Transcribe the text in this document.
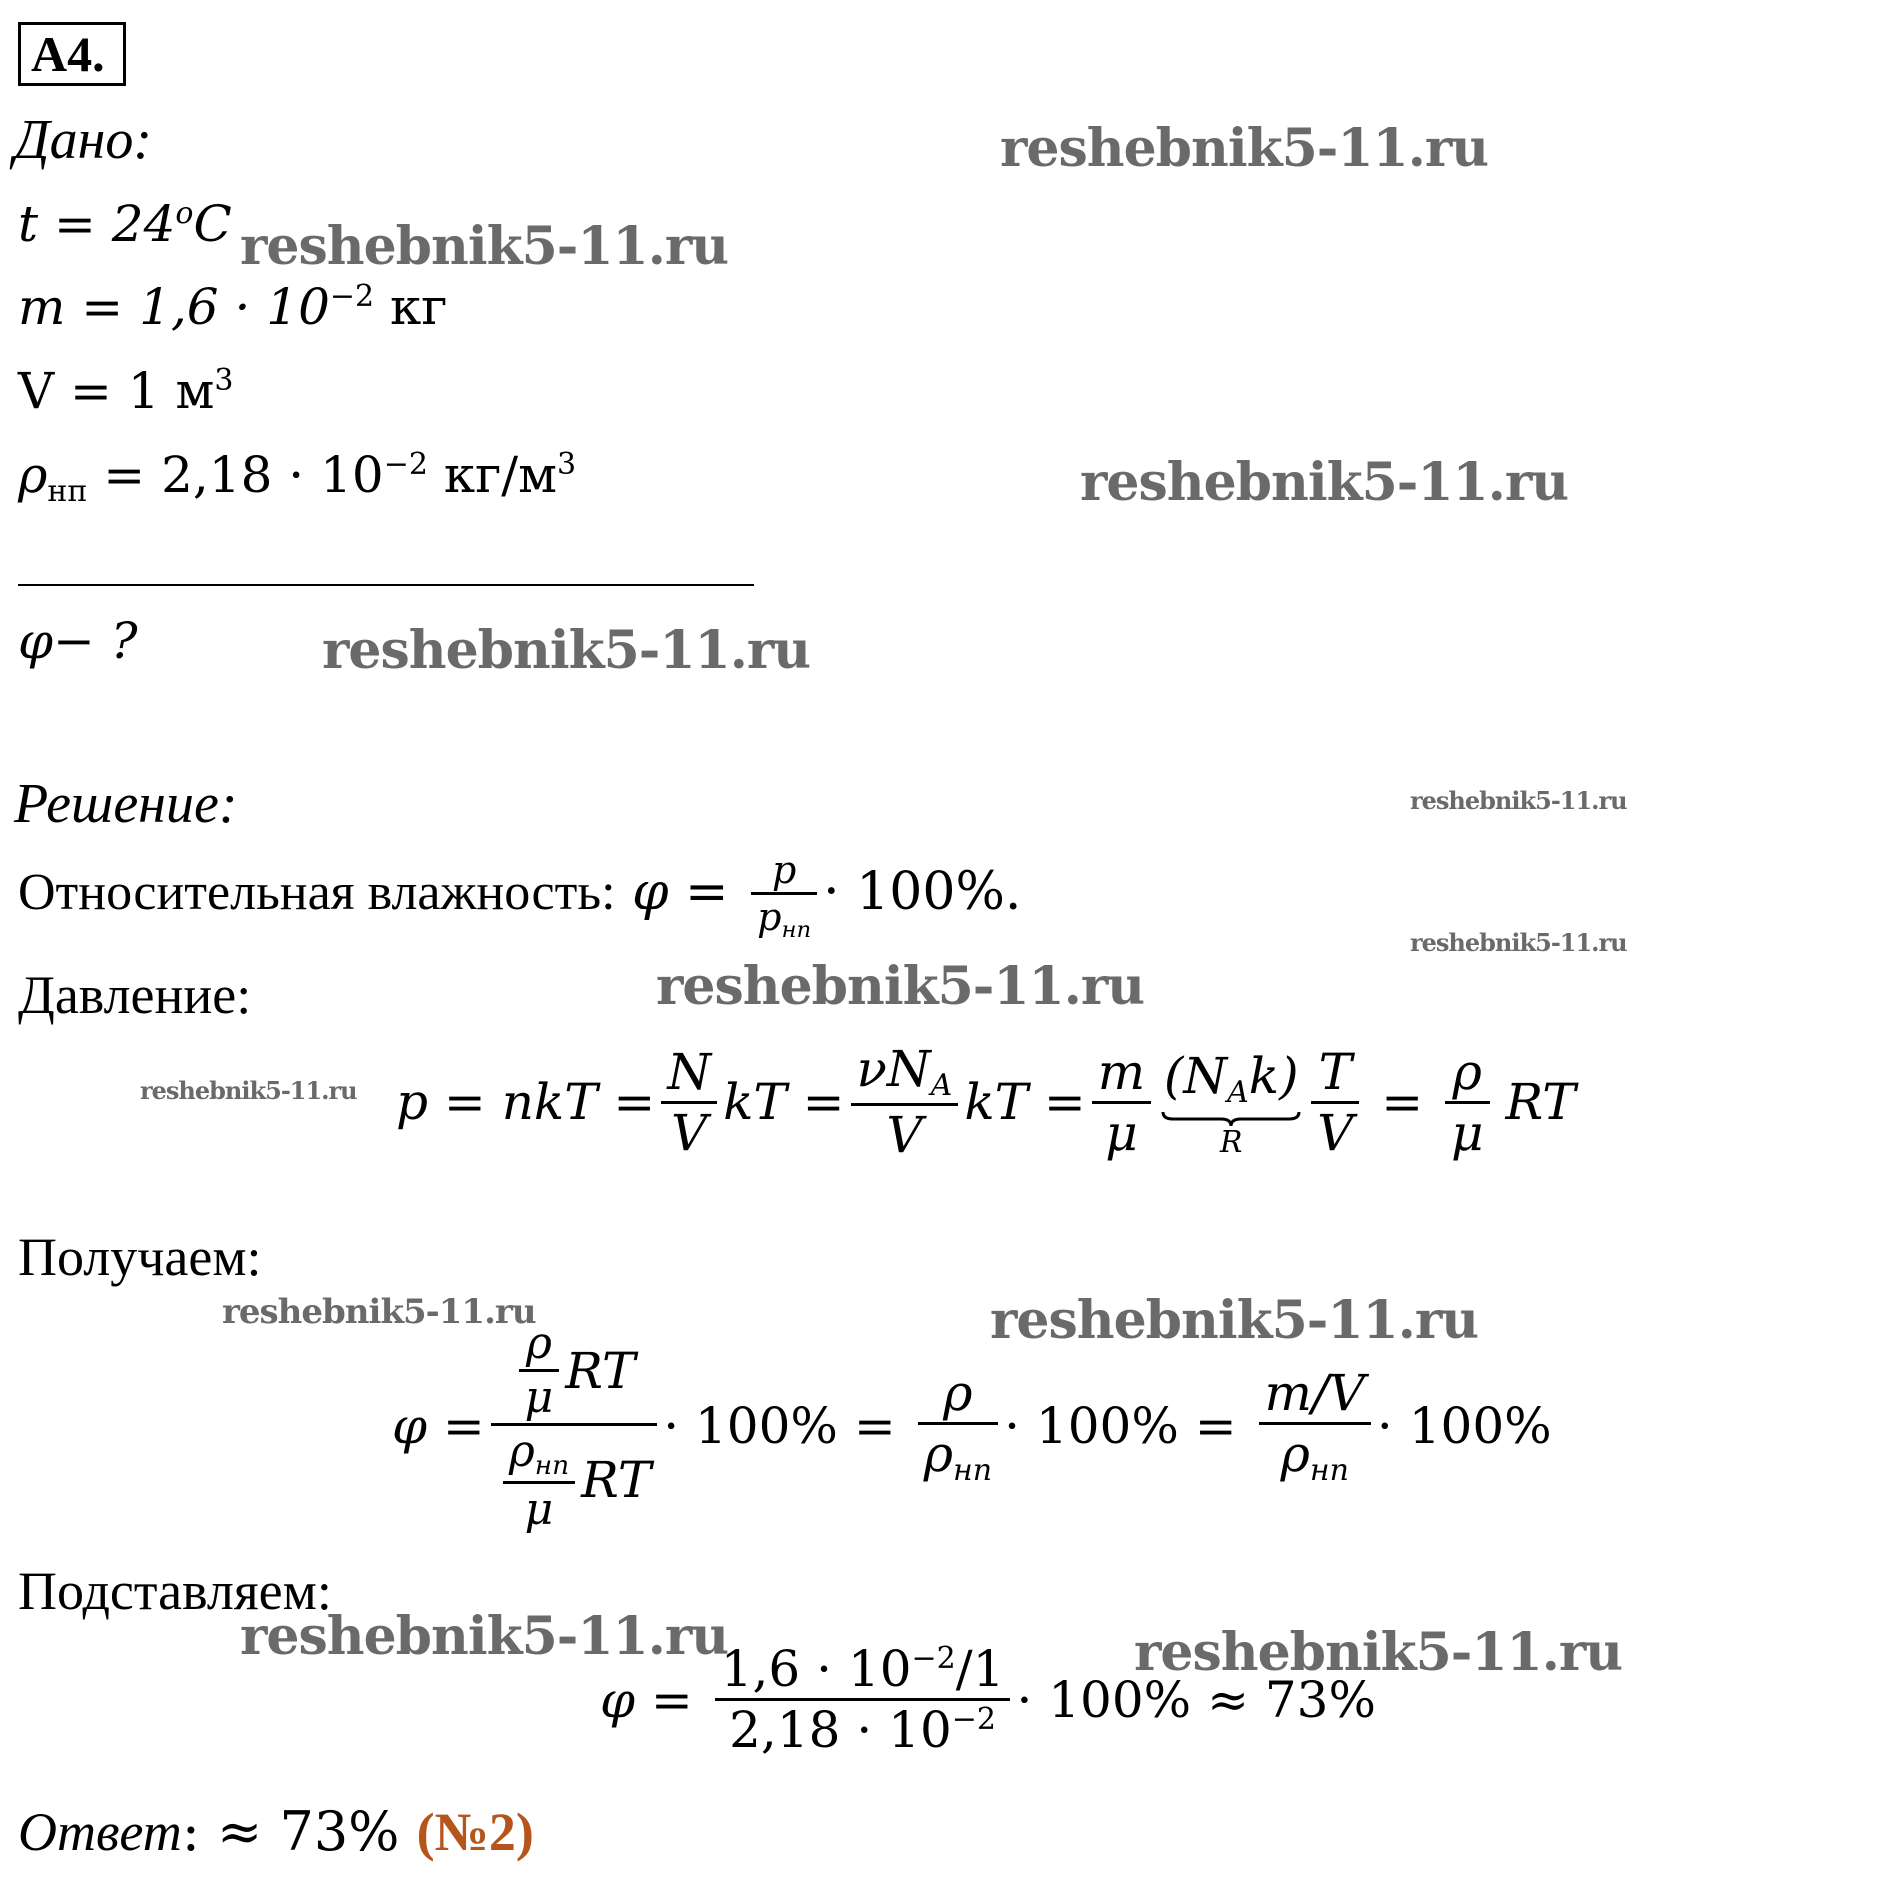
А4.
Дано:
$t = 24^oC$
$m = 1,6 \cdot 10^{-2}$ кг
V = 1 $м^3$
$\rho_{нп} = 2,18 \cdot 10^{-2}$ $кг/м^3$
φ− ?
Решение:
Относительная влажность: $\varphi = \frac{p}{p_{нп}} \cdot 100\%$.
Давление:
p = nkT = $\frac{N}{V}$ kT = $\frac{\nu N_A}{V}$ kT = $\frac{m}{\mu} (N_Ak)$
R $\frac{T}{V} = \frac{\rho}{\mu}$ RT
Получаем:
$\varphi = \frac{\frac{\rho}{\mu} RT}{\frac{\rho_{нп}}{\mu} RT} \cdot 100\% = \frac{\rho}{\rho_{нп}} \cdot 100\% = \frac{m/V}{\rho_{нп}} \cdot 100\%$
Подставляем:
$\varphi = \frac{1,6 \cdot 10^{-2}/1}{2,18 \cdot 10^{-2}} \cdot 100\% \approx 73\%$
Ответ: ≈ 73% (№2)
reshebnik5-11.ru
reshebnik5-11.ru
reshebnik5-11.ru
reshebnik5-11.ru
reshebnik5-11.ru
reshebnik5-11.ru
reshebnik5-11.ru
reshebnik5-11.ru
reshebnik5-11.ru	reshebnik5-11.ru
reshebnik5-11.ru	reshebnik5-11.ru
